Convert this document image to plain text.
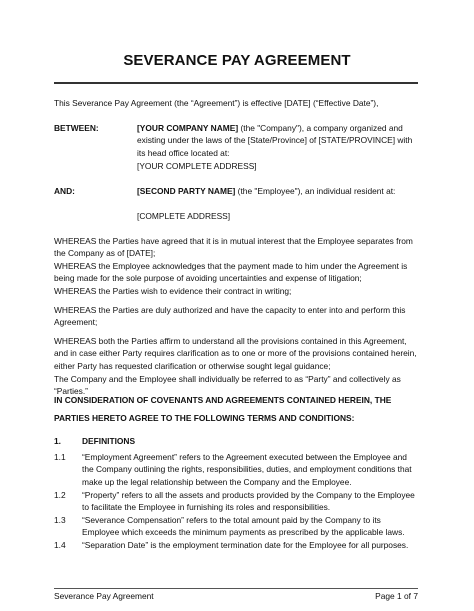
SEVERANCE PAY AGREEMENT

This Severance Pay Agreement (the “Agreement”) is effective [DATE] (“Effective Date”),

BETWEEN:	[YOUR COMPANY NAME] (the "Company"), a company organized and existing under the laws of the [State/Province] of [STATE/PROVINCE] with its head office located at:

[YOUR COMPLETE ADDRESS]

AND:	[SECOND PARTY NAME] (the "Employee"), an individual resident at:

[COMPLETE ADDRESS]

WHEREAS the Parties have agreed that it is in mutual interest that the Employee separates from the Company as of [DATE];

WHEREAS the Employee acknowledges that the payment made to him under the Agreement is being made for the sole purpose of avoiding uncertainties and expense of litigation;

WHEREAS the Parties wish to evidence their contract in writing;

WHEREAS the Parties are duly authorized and have the capacity to enter into and perform this Agreement;

WHEREAS both the Parties affirm to understand all the provisions contained in this Agreement, and in case either Party requires clarification as to one or more of the provisions contained herein, either Party has requested clarification or otherwise sought legal guidance;

The Company and the Employee shall individually be referred to as “Party” and collectively as “Parties.”

IN CONSIDERATION OF COVENANTS AND AGREEMENTS CONTAINED HEREIN, THE PARTIES HERETO AGREE TO THE FOLLOWING TERMS AND CONDITIONS:

1.	DEFINITIONS

1.1 “Employment Agreement” refers to the Agreement executed between the Employee and the Company outlining the rights, responsibilities, duties, and employment conditions that make up the legal relationship between the Company and the Employee.

1.2 “Property” refers to all the assets and products provided by the Company to the Employee to facilitate the Employee in furnishing its roles and responsibilities.

1.3 “Severance Compensation” refers to the total amount paid by the Company to its Employee which exceeds the minimum payments as prescribed by the applicable laws.

1.4 “Separation Date” is the employment termination date for the Employee for all purposes.

Severance Pay Agreement	Page 1 of 7
